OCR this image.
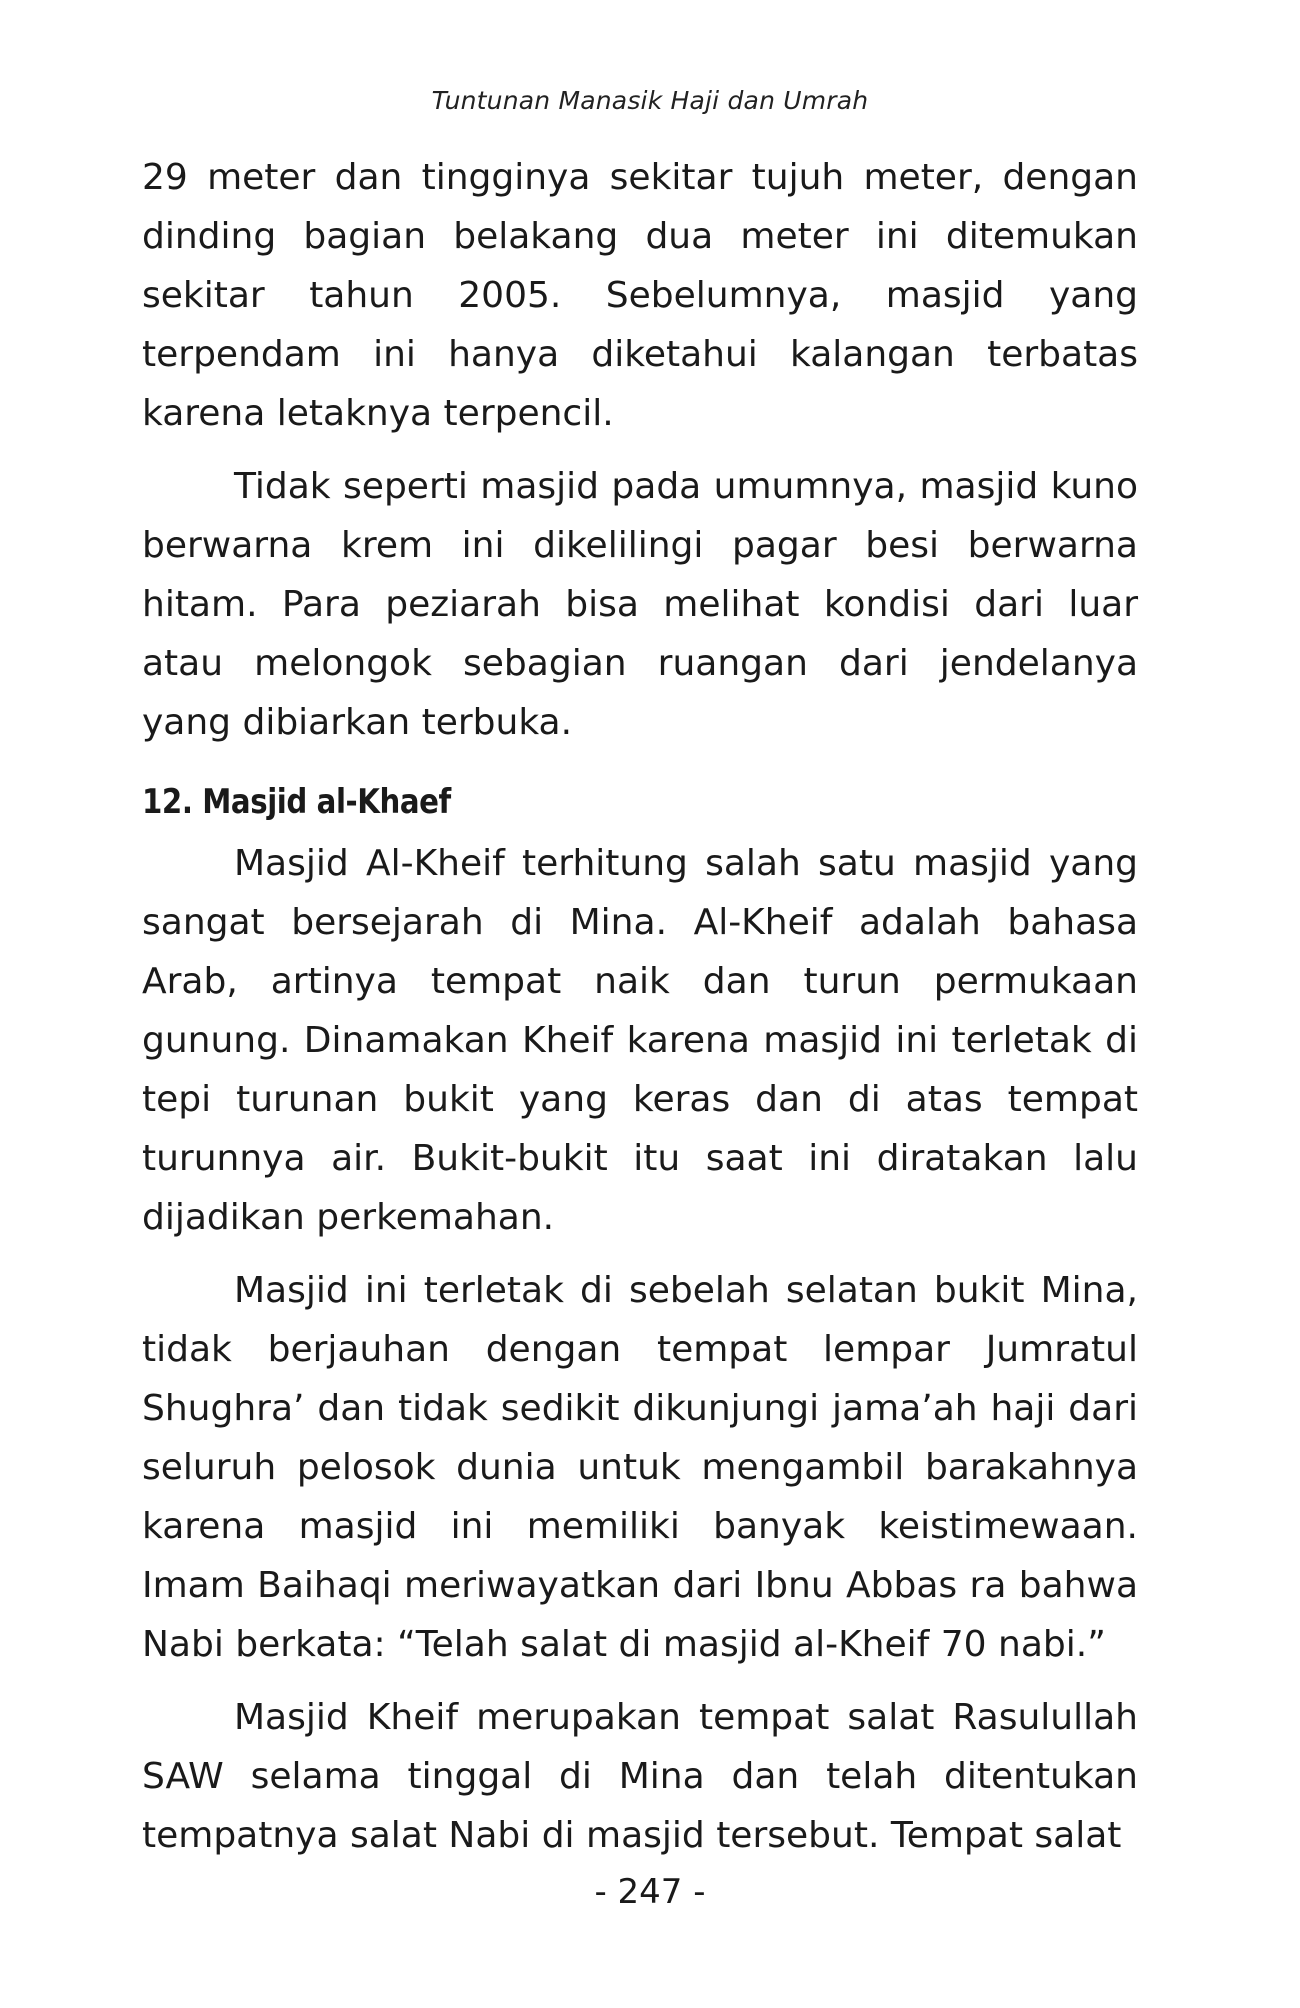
Tuntunan Manasik Haji dan Umrah

29 meter dan tingginya sekitar tujuh meter, dengan dinding bagian belakang dua meter ini ditemukan sekitar tahun 2005. Sebelumnya, masjid yang terpendam ini hanya diketahui kalangan terbatas karena letaknya terpencil.

Tidak seperti masjid pada umumnya, masjid kuno berwarna krem ini dikelilingi pagar besi berwarna hitam. Para peziarah bisa melihat kondisi dari luar atau melongok sebagian ruangan dari jendelanya yang dibiarkan terbuka.

12. Masjid al-Khaef

Masjid Al-Kheif terhitung salah satu masjid yang sangat bersejarah di Mina. Al-Kheif adalah bahasa Arab, artinya tempat naik dan turun permukaan gunung. Dinamakan Kheif karena masjid ini terletak di tepi turunan bukit yang keras dan di atas tempat turunnya air. Bukit-bukit itu saat ini diratakan lalu dijadikan perkemahan.

Masjid ini terletak di sebelah selatan bukit Mina, tidak berjauhan dengan tempat lempar Jumratul Shughra’ dan tidak sedikit dikunjungi jama’ah haji dari seluruh pelosok dunia untuk mengambil barakahnya karena masjid ini memiliki banyak keistimewaan. Imam Baihaqi meriwayatkan dari Ibnu Abbas ra bahwa Nabi berkata: “Telah salat di masjid al-Kheif 70 nabi.”

Masjid Kheif merupakan tempat salat Rasulullah SAW selama tinggal di Mina dan telah ditentukan tempatnya salat Nabi di masjid tersebut. Tempat salat

- 247 -
